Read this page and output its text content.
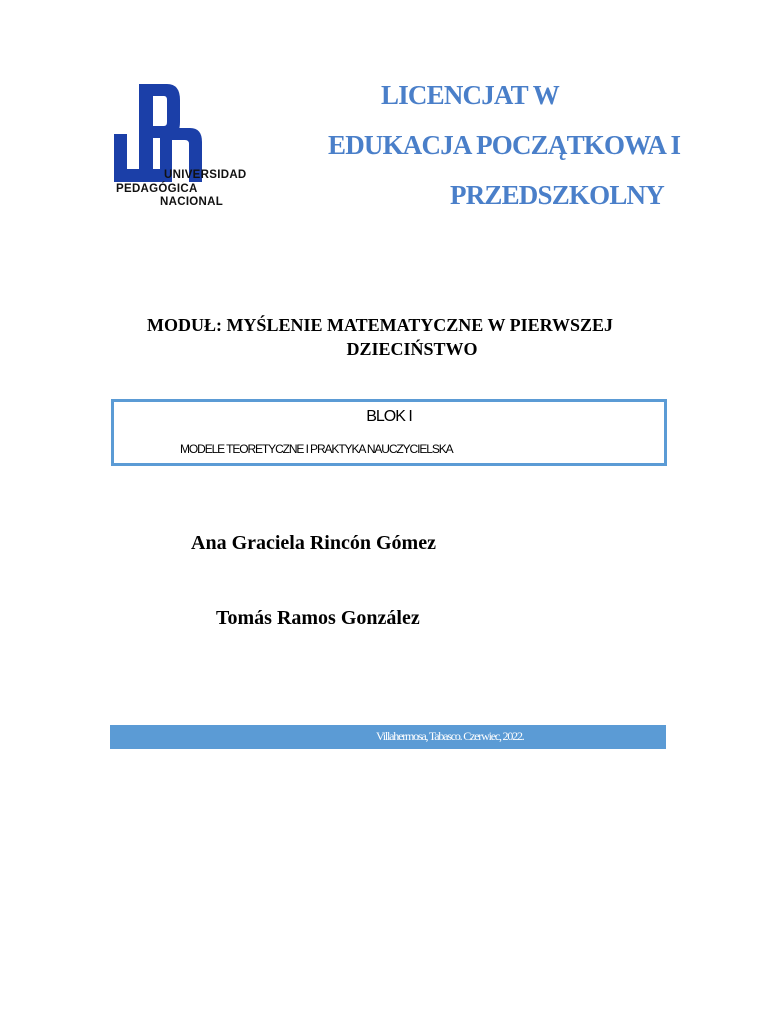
UNIVERSIDAD
PEDAGÓGICA
NACIONAL
LICENCJAT W
EDUKACJA POCZĄTKOWA I
PRZEDSZKOLNY
MODUŁ: MYŚLENIE MATEMATYCZNE W PIERWSZEJ
DZIECIŃSTWO
BLOK I
MODELE TEORETYCZNE I PRAKTYKA NAUCZYCIELSKA
Ana Graciela Rincón Gómez
Tomás Ramos González
Villahermosa, Tabasco. Czerwiec, 2022.
